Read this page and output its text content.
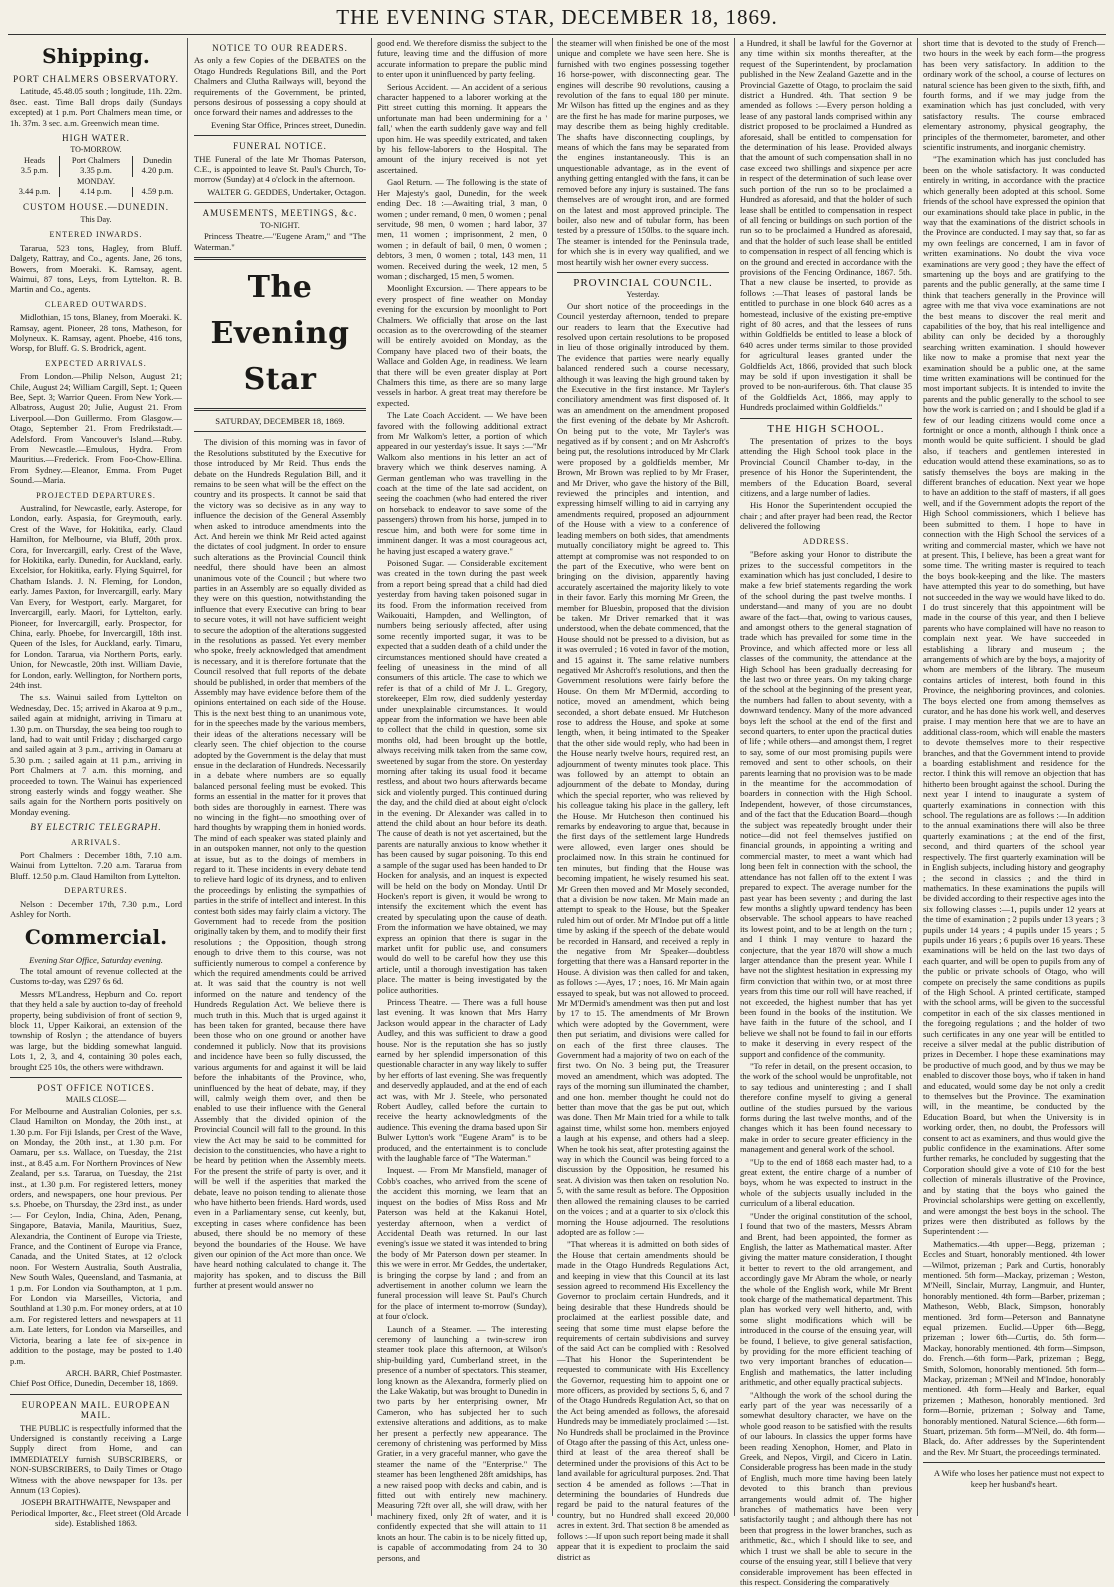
THE EVENING STAR, DECEMBER 18, 1869.
Shipping.
PORT CHALMERS OBSERVATORY.

Latitude, 45.48.05 south ; longitude, 11h. 22m. 8sec. east. Time Ball drops daily (Sundays excepted) at 1 p.m. Port Chalmers mean time, or 1h. 37m. 3 sec. a.m. Greenwich mean time.

HIGH WATER.
TO-MORROW.
Heads	Port Chalmers	Dunedin
3.5 p.m.	3.35 p.m.	4.20 p.m.
MONDAY.		
3.44 p.m.	4.14 p.m.	4.59 p.m.
CUSTOM HOUSE.—DUNEDIN.
This Day.
ENTERED INWARDS.

Tararua, 523 tons, Hagley, from Bluff. Dalgety, Rattray, and Co., agents. Jane, 26 tons, Bowers, from Moeraki. K. Ramsay, agent. Waimui, 87 tons, Leys, from Lyttelton. R. B. Martin and Co., agents.

CLEARED OUTWARDS.

Midlothian, 15 tons, Blaney, from Moeraki. K. Ramsay, agent. Pioneer, 28 tons, Matheson, for Molyneux. K. Ramsay, agent. Phoebe, 416 tons, Worsp, for Bluff. G. S. Brodrick, agent.

EXPECTED ARRIVALS.

From London.—Philip Nelson, August 21; Chile, August 24; William Cargill, Sept. 1; Queen Bee, Sept. 3; Warrior Queen. From New York.—Albatross, August 20; Julie, August 21. From Liverpool.—Don Guillermo. From Glasgow.—Otago, September 21. From Fredrikstadt.—Adelsford. From Vancouver's Island.—Ruby. From Newcastle.—Emulous, Hydra. From Mauritius.—Frederick. From Foo-Chow-Ellina. From Sydney.—Eleanor, Emma. From Puget Sound.—Maria.

PROJECTED DEPARTURES.

Australind, for Newcastle, early. Asterope, for London, early. Aspasia, for Greymouth, early. Crest of the Wave, for Hokitika, early. Claud Hamilton, for Melbourne, via Bluff, 20th prox. Cora, for Invercargill, early. Crest of the Wave, for Hokitika, early. Dunedin, for Auckland, early. Excelsior, for Hokitika, early. Flying Squirrel, for Chatham Islands. J. N. Fleming, for London, early. James Paxton, for Invercargill, early. Mary Van Every, for Westport, early. Margaret, for Invercargill, early. Maori, for Lyttelton, early. Pioneer, for Invercargill, early. Prospector, for China, early. Phoebe, for Invercargill, 18th inst. Queen of the Isles, for Auckland, early. Timaru, for London. Tararua, via Northern Ports, early. Union, for Newcastle, 20th inst. William Davie, for London, early. Wellington, for Northern ports, 24th inst.

The s.s. Wainui sailed from Lyttelton on Wednesday, Dec. 15; arrived in Akaroa at 9 p.m., sailed again at midnight, arriving in Timaru at 1.30 p.m. on Thursday, the sea being too rough to land, had to wait until Friday ; discharged cargo and sailed again at 3 p.m., arriving in Oamaru at 5.30 p.m. ; sailed again at 11 p.m., arriving in Port Chalmers at 7 a.m. this morning, and proceeded to town. The Wainui has experienced strong easterly winds and foggy weather. She sails again for the Northern ports positively on Monday evening.

BY ELECTRIC TELEGRAPH.
ARRIVALS.

Port Chalmers : December 18th, 7.10 a.m. Wainui from Lyttelton. 7.20 a.m. Tararua from Bluff. 12.50 p.m. Claud Hamilton from Lyttelton.

DEPARTURES.

Nelson : December 17th, 7.30 p.m., Lord Ashley for North.

Commercial.
Evening Star Office, Saturday evening.

The total amount of revenue collected at the Customs to-day, was £297 6s 6d.

Messrs M'Landress, Hepburn and Co. report that they held a sale by auction to-day of freehold property, being subdivision of front of section 9, block 11, Upper Kaikorai, an extension of the township of Roslyn ; the attendance of buyers was large, but the bidding somewhat languid. Lots 1, 2, 3, and 4, containing 30 poles each, brought £25 10s, the others were withdrawn.

POST OFFICE NOTICES.
MAILS CLOSE—

For Melbourne and Australian Colonies, per s.s. Claud Hamilton on Monday, the 20th inst., at 1.30 p.m. For Fiji Islands, per Crest of the Wave, on Monday, the 20th inst., at 1.30 p.m. For Oamaru, per s.s. Wallace, on Tuesday, the 21st inst., at 8.45 a.m. For Northern Provinces of New Zealand, per s.s. Tararua, on Tuesday, the 21st inst., at 1.30 p.m. For registered letters, money orders, and newspapers, one hour previous. Per s.s. Phoebe, on Thursday, the 23rd inst., as under :— For Ceylon, India, China, Aden, Penang, Singapore, Batavia, Manila, Mauritius, Suez, Alexandria, the Continent of Europe via Trieste, France, and the Continent of Europe via France, Canada, and the United States, at 12 o'clock noon. For Western Australia, South Australia, New South Wales, Queensland, and Tasmania, at 1 p.m. For London via Southampton, at 1 p.m. For London via Marseilles, Victoria, and Southland at 1.30 p.m. For money orders, at at 10 a.m. For registered letters and newspapers at 11 a.m. Late letters, for London via Marseilles, and Victoria, bearing a late fee of six-pence in addition to the postage, may be posted to 1.40 p.m.

ARCH. BARR, Chief Postmaster.
Chief Post Office, Dunedin, December 18, 1869.
EUROPEAN MAIL. EUROPEAN MAIL.

THE PUBLIC is respectfully informed that the Undersigned is constantly receiving a Large Supply direct from Home, and can IMMEDIATELY furnish SUBSCRIBERS, or NON-SUBSCRIBERS, to Daily Times or Otago Witness with the above newspaper for 13s. per Annum (13 Copies).

JOSEPH BRAITHWAITE, Newspaper and Periodical Importer, &c., Fleet street (Old Arcade side). Established 1863.
NOTICE TO OUR READERS.

As only a few Copies of the DEBATES on the Otago Hundreds Regulations Bill, and the Port Chalmers and Clutha Railways will, beyond the requirements of the Government, be printed, persons desirous of possessing a copy should at once forward their names and addresses to the

Evening Star Office, Princes street, Dunedin.
FUNERAL NOTICE.

THE Funeral of the late Mr Thomas Paterson, C.E., is appointed to leave St. Paul's Church, To-morrow (Sunday) at 4 o'clock in the afternoon.

WALTER G. GEDDES, Undertaker, Octagon.
AMUSEMENTS, MEETINGS, &c.
TO-NIGHT.

Princess Theatre.—"Eugene Aram," and "The Waterman."

The Evening Star
SATURDAY, DECEMBER 18, 1869.

The division of this morning was in favor of the Resolutions substituted by the Executive for those introduced by Mr Reid. Thus ends the debate on the Hundreds Regulation Bill, and it remains to be seen what will be the effect on the country and its prospects. It cannot be said that the victory was so decisive as in any way to influence the decision of the General Assembly when asked to introduce amendments into the Act. And herein we think Mr Reid acted against the dictates of cool judgment. In order to ensure such alterations as the Provincial Council think needful, there should have been an almost unanimous vote of the Council ; but where two parties in an Assembly are so equally divided as they were on this question, notwithstanding the influence that every Executive can bring to bear to secure votes, it will not have sufficient weight to secure the adoption of the alterations suggested in the resolutions as passed. Yet every member who spoke, freely acknowledged that amendment is necessary, and it is therefore fortunate that the Council resolved that full reports of the debate should be published, in order that members of the Assembly may have evidence before them of the opinions entertained on each side of the House. This is the next best thing to an unanimous vote, for in the speeches made by the various members, their ideas of the alterations necessary will be clearly seen. The chief objection to the course adopted by the Government is the delay that must ensue in the declaration of Hundreds. Necessarily in a debate where numbers are so equally balanced personal feeling must be evoked. This forms an essential in the matter for it proves that both sides are thoroughly in earnest. There was no wincing in the fight—no smoothing over of hard thoughts by wrapping them in honied words. The mind of each speaker was stated plainly and in an outspoken manner, not only to the question at issue, but as to the doings of members in regard to it. These incidents in every debate tend to relieve hard logic of its dryness, and to enliven the proceedings by enlisting the sympathies of parties in the strife of intellect and interest. In this contest both sides may fairly claim a victory. The Government had to recede from the position originally taken by them, and to modify their first resolutions ; the Opposition, though strong enough to drive them to this course, was not sufficiently numerous to compel a conference by which the required amendments could be arrived at. It was said that the country is not well informed on the nature and tendency of the Hundreds Regulation Act. We believe there is much truth in this. Much that is urged against it has been taken for granted, because there have been those who on one ground or another have condemned it publicly. Now that its provisions and incidence have been so fully discussed, the various arguments for and against it will be laid before the inhabitants of the Province, who, uninfluenced by the heat of debate, may, if they will, calmly weigh them over, and then be enabled to use their influence with the General Assembly that the divided opinion of the Provincial Council will fall to the ground. In this view the Act may be said to be committed for decision to the constituencies, who have a right to be heard by petition when the Assembly meets. For the present the strife of party is over, and it will be well if the asperities that marked the debate, leave no poison tending to alienate those who have hitherto been friends. Hard words, used even in a Parliamentary sense, cut keenly, but, excepting in cases where confidence has been abused, there should be no memory of these beyond the boundaries of the House. We have given our opinion of the Act more than once. We have heard nothing calculated to change it. The majority has spoken, and to discuss the Bill further at present would answer no

good end. We therefore dismiss the subject to the future, leaving time and the diffusion of more accurate information to prepare the public mind to enter upon it uninfluenced by party feeling.

Serious Accident. — An accident of a serious character happened to a laborer working at the Pitt street cutting this morning. It appears the unfortunate man had been undermining for a ' fall,' when the earth suddenly gave way and fell upon him. He was speedily extricated, and taken by his fellow-laborers to the Hospital. The amount of the injury received is not yet ascertained.

Gaol Return. — The following is the state of Her Majesty's gaol, Dunedin, for the week ending Dec. 18 :—Awaiting trial, 3 man, 0 women ; under remand, 0 men, 0 women ; penal servitude, 98 men, 0 women ; hard labor, 37 men, 11 women ; imprisonment, 2 men, 0 women ; in default of bail, 0 men, 0 women ; debtors, 3 men, 0 women ; total, 143 men, 11 women. Received during the week, 12 men, 5 woman ; discharged, 15 men, 5 women.

Moonlight Excursion. — There appears to be every prospect of fine weather on Monday evening for the excursion by moonlight to Port Chalmers. We officially that arose on the last occasion as to the overcrowding of the steamer will be entirely avoided on Monday, as the Company have placed two of their boats, the Wallace and Golden Age, in readiness. We learn that there will be even greater display at Port Chalmers this time, as there are so many large vessels in harbor. A great treat may therefore be expected.

The Late Coach Accident. — We have been favored with the following additional extract from Mr Walkom's letter, a portion of which appeared in our yesterday's issue. It says :—"Mr Walkom also mentions in his letter an act of bravery which we think deserves naming. A German gentleman who was travelling in the coach at the time of the late sad accident, on seeing the coachmen (who had entered the river on horseback to endeavor to save some of the passengers) thrown from his horse, jumped in to rescue him, and both were for some time in imminent danger. It was a most courageous act, he having just escaped a watery grave."

Poisoned Sugar. — Considerable excitement was created in the town during the past week from a report being spread that a child had died yesterday from having taken poisoned sugar in its food. From the information received from Waikouaiti, Hampden, and Wellington, of numbers being seriously affected, after using some recently imported sugar, it was to be expected that a sudden death of a child under the circumstances mentioned should have created a feeling of uneasiness in the mind of all consumers of this article. The case to which we refer is that of a child of Mr J. L. Gregory, storekeeper, Elm row, died suddenly yesterday under unexplainable circumstances. It would appear from the information we have been able to collect that the child in question, some six months old, had been brought up the bottle, always receiving milk taken from the same cow, sweetened by sugar from the store. On yesterday morning after taking its usual food it became restless, and about two hours afterwards became sick and violently purged. This continued during the day, and the child died at about eight o'clock in the evening. Dr Alexander was called in to attend the child about an hour before its death. The cause of death is not yet ascertained, but the parents are naturally anxious to know whether it has been caused by sugar poisoning. To this end a sample of the sugar used has been handed to Dr Hocken for analysis, and an inquest is expected will be held on the body on Monday. Until Dr Hocken's report is given, it would be wrong to intensify the excitement which the event has created by speculating upon the cause of death. From the information we have obtained, we may express an opinion that there is sugar in the market unfit for public use, and consumers would do well to be careful how they use this article, until a thorough investigation has taken place. The matter is being investigated by the police authorities.

Princess Theatre. — There was a full house last evening. It was known that Mrs Harry Jackson would appear in the character of Lady Audley, and this was sufficient to draw a good house. Nor is the reputation she has so justly earned by her splendid impersonation of this questionable character in any way likely to suffer by her efforts of last evening. She was frequently and deservedly applauded, and at the end of each act was, with Mr J. Steele, who personated Robert Audley, called before the curtain to receive the hearty acknowledgments of the audience. This evening the drama based upon Sir Bulwer Lytton's work "Eugene Aram" is to be produced, and the entertainment is to conclude with the laughable farce of "The Waterman."

Inquest. — From Mr Mansfield, manager of Cobb's coaches, who arrived from the scene of the accident this morning, we learn that an inquest on the bodies of Miss Ross and Mr Paterson was held at the Kakanui Hotel, yesterday afternoon, when a verdict of Accidental Death was returned. In our last evening's issue we stated it was intended to bring the body of Mr Paterson down per steamer. In this we were in error. Mr Geddes, the undertaker, is bringing the corpse by land ; and from an advertisement in another column we learn the funeral procession will leave St. Paul's Church for the place of interment to-morrow (Sunday), at four o'clock.

Launch of a Steamer. — The interesting ceremony of launching a twin-screw iron steamer took place this afternoon, at Wilson's ship-building yard, Cumberland street, in the presence of a number of spectators. This steamer, long known as the Alexandra, formerly plied on the Lake Wakatip, but was brought to Dunedin in two parts by her enterprising owner, Mr Cameron, who has subjected her to such extensive alterations and additions, as to make her present a perfectly new appearance. The ceremony of christening was performed by Miss Gratier, in a very graceful manner, who gave the steamer the name of the "Enterprise." The steamer has been lengthened 28ft amidships, has a new raised poop with decks and cabin, and is fitted out with entirely new machinery. Measuring 72ft over all, she will draw, with her machinery fixed, only 2ft of water, and it is confidently expected that she will attain to 11 knots an hour. The cabin is to be nicely fitted up, is capable of accommodating from 24 to 30 persons, and

the steamer will when finished be one of the most unique and complete we have seen here. She is furnished with two engines possessing together 16 horse-power, with disconnecting gear. The engines will describe 90 revolutions, causing a revolution of the fans to equal 180 per minute. Mr Wilson has fitted up the engines and as they are the first he has made for marine purposes, we may describe them as being highly creditable. The shafts have disconnecting couplings, by means of which the fans may be separated from the engines instantaneously. This is an unquestionable advantage, as in the event of anything getting entangled with the fans, it can be removed before any injury is sustained. The fans themselves are of wrought iron, and are formed on the latest and most approved principle. The boiler, also new and of tubular form, has been tested by a pressure of 150lbs. to the square inch. The steamer is intended for the Peninsula trade, for which she is in every way qualified, and we most heartily wish her owner every success.

PROVINCIAL COUNCIL.
Yesterday.

Our short notice of the proceedings in the Council yesterday afternoon, tended to prepare our readers to learn that the Executive had resolved upon certain resolutions to be proposed in lieu of those originally introduced by them. The evidence that parties were nearly equally balanced rendered such a course necessary, although it was leaving the high ground taken by the Executive in the first instance. Mr Tayler's conciliatory amendment was first disposed of. It was an amendment on the amendment proposed the first evening of the debate by Mr Ashcroft. On being put to the vote, Mr Tayler's was negatived as if by consent ; and on Mr Ashcroft's being put, the resolutions introduced by Mr Clark were proposed by a goldfields member, Mr Brown, Mr Brown was replied to by Mr Fraser, and Mr Driver, who gave the history of the Bill, reviewed the principles and intention, and expressing himself willing to aid in carrying any amendments required, proposed an adjournment of the House with a view to a conference of leading members on both sides, that amendments mutually conciliatory might be agreed to. This attempt at compromise was not responded to on the part of the Executive, who were bent on bringing on the division, apparently having accurately ascertained the majority likely to vote in their favor. Early this morning Mr Green, the member for Bluesbin, proposed that the division be taken. Mr Driver remarked that it was understood, when the debate commenced, that the House should not be pressed to a division, but as it was overruled ; 16 voted in favor of the motion, and 15 against it. The same relative numbers negatived Mr Ashcroft's resolutions, and then the Government resolutions were fairly before the House. On them Mr M'Dermid, according to notice, moved an amendment, which being seconded, a short debate ensued. Mr Hutcheson rose to address the House, and spoke at some length, when, it being intimated to the Speaker that the other side would reply, who had been in the House nearly twelve hours, required rest, an adjournment of twenty minutes took place. This was followed by an attempt to obtain an adjournment of the debate to Monday, during which the special reporter, who was relieved by his colleague taking his place in the gallery, left the House. Mr Hutcheson then continued his remarks by endeavoring to argue that, because in the first days of the settlement large Hundreds were allowed, even larger ones should be proclaimed now. In this strain he continued for ten minutes, but finding that the House was becoming impatient, he wisely resumed his seat. Mr Green then moved and Mr Mosely seconded, that a division be now taken. Mr Main made an attempt to speak to the House, but the Speaker ruled him out of order. Mr M'Indoe put off a little time by asking if the speech of the debate would be recorded in Hansard, and received a reply in the negative from Mr Speaker—doubtless forgetting that there was a Hansard reporter in the House. A division was then called for and taken, as follows :—Ayes, 17 ; noes, 16. Mr Main again essayed to speak, but was not allowed to proceed. Mr M'Dermid's amendment was then put and lost by 17 to 15. The amendments of Mr Brown which were adopted by the Government, were then put seriatim, and divisions were called for on each of the first three clauses. The Government had a majority of two on each of the first two. On No. 3 being put, the Treasurer moved an amendment, which was adopted. The rays of the morning sun illuminated the chamber, and one hon. member thought he could not do better than move that the gas be put out, which was done. Then Mr Main tried for a while to talk against time, whilst some hon. members enjoyed a laugh at his expense, and others had a sleep. When he took his seat, after protesting against the way in which the Council was being forced to a discussion by the Opposition, he resumed his seat. A division was then taken on resolution No. 5, with the same result as before. The Opposition then allowed the remaining clauses to be carried on the voices ; and at a quarter to six o'clock this morning the House adjourned. The resolutions adopted are as follow :—

"That whereas it is admitted on both sides of the House that certain amendments should be made in the Otago Hundreds Regulations Act, and keeping in view that this Council at its last session agreed to recommend His Excellency the Governor to proclaim certain Hundreds, and it being desirable that these Hundreds should be proclaimed at the earliest possible date, and seeing that some time must elapse before the requirements of certain subdivisions and survey of the said Act can be complied with : Resolved—That his Honor the Superintendent be requested to communicate with His Excellency the Governor, requesting him to appoint one or more officers, as provided by sections 5, 6, and 7 of the Otago Hundreds Regulation Act, so that on the Act being amended as follows, the aforesaid Hundreds may be immediately proclaimed :—1st. No Hundreds shall be proclaimed in the Province of Otago after the passing of this Act, unless one-third at least of the area thereof shall be determined under the provisions of this Act to be land available for agricultural purposes. 2nd. That section 4 be amended as follows :—That in determining the boundaries of Hundreds due regard be paid to the natural features of the country, but no Hundred shall exceed 20,000 acres in extent. 3rd. That section 8 be amended as follows :—If upon such report being made it shall appear that it is expedient to proclaim the said district as

a Hundred, it shall be lawful for the Governor at any time within six months thereafter, at the request of the Superintendent, by proclamation published in the New Zealand Gazette and in the Provincial Gazette of Otago, to proclaim the said district a Hundred. 4th. That section 9 be amended as follows :—Every person holding a lease of any pastoral lands comprised within any district proposed to be proclaimed a Hundred as aforesaid, shall be entitled to compensation for the determination of his lease. Provided always that the amount of such compensation shall in no case exceed two shillings and sixpence per acre in respect of the determination of such lease over such portion of the run so to be proclaimed a Hundred as aforesaid, and that the holder of such lease shall be entitled to compensation in respect of all fencing or buildings on such portion of the run so to be proclaimed a Hundred as aforesaid, and that the holder of such lease shall be entitled to compensation in respect of all fencing which is on the ground and erected in accordance with the provisions of the Fencing Ordinance, 1867. 5th. That a new clause be inserted, to provide as follows :—That leases of pastoral lands be entitled to purchase in one block 640 acres as a homestead, inclusive of the existing pre-emptive right of 80 acres, and that the lessees of runs within Goldfields be entitled to lease a block of 640 acres under terms similar to those provided for agricultural leases granted under the Goldfields Act, 1866, provided that such block may be sold if upon investigation it shall be proved to be non-auriferous. 6th. That clause 35 of the Goldfields Act, 1866, may apply to Hundreds proclaimed within Goldfields."

THE HIGH SCHOOL.

The presentation of prizes to the boys attending the High School took place in the Provincial Council Chamber to-day, in the presence of his Honor the Superintendent, the members of the Education Board, several citizens, and a large number of ladies.

His Honor the Superintendent occupied the chair ; and after prayer had been read, the Rector delivered the following

ADDRESS.

"Before asking your Honor to distribute the prizes to the successful competitors in the examination which has just concluded, I desire to make a few brief statements regarding the work of the school during the past twelve months. I understand—and many of you are no doubt aware of the fact—that, owing to various causes, and amongst others to the general stagnation of trade which has prevailed for some time in the Province, and which affected more or less all classes of the community, the attendance at the High School has been gradually decreasing for the last two or three years. On my taking charge of the school at the beginning of the present year, the numbers had fallen to about seventy, with a downward tendency. Many of the more advanced boys left the school at the end of the first and second quarters, to enter upon the practical duties of life ; while others—and amongst them, I regret to say, some of our most promising pupils were removed and sent to other schools, on their parents learning that no provision was to be made in the meantime for the accommodation of boarders in connection with the High School. Independent, however, of those circumstances, and of the fact that the Education Board—though the subject was repeatedly brought under their notice—did not feel themselves justified on financial grounds, in appointing a writing and commercial master, to meet a want which had long been felt in connection with the school, the attendance has not fallen off to the extent I was prepared to expect. The average number for the past year has been seventy ; and during the last few months a slightly upward tendency has been observable. The school appears to have reached its lowest point, and to be at length on the turn ; and I think I may venture to hazard the conjecture, that the year 1870 will show a much larger attendance than the present year. While I have not the slightest hesitation in expressing my firm conviction that within two, or at most three years from this time our roll will have reached, if not exceeded, the highest number that has yet been found in the books of the institution. We have faith in the future of the school, and I believe we shall not be found to fail in our efforts to make it deserving in every respect of the support and confidence of the community.

"To refer in detail, on the present occasion, to the work of the school would be unprofitable, not to say tedious and uninteresting ; and I shall therefore confine myself to giving a general outline of the studies pursued by the various forms during the last twelve months, and of the changes which it has been found necessary to make in order to secure greater efficiency in the management and general work of the school.

"Up to the end of 1868 each master had, to a great extent, the entire charge of a number of boys, whom he was expected to instruct in the whole of the subjects usually included in the curriculum of a liberal education.

"Under the original constitution of the school, I found that two of the masters, Messrs Abram and Brent, had been appointed, the former as English, the latter as Mathematical master. After giving the matter mature consideration, I thought it better to revert to the old arrangement, and accordingly gave Mr Abram the whole, or nearly the whole of the English work, while Mr Brent took charge of the mathematical department. This plan has worked very well hitherto, and, with some slight modifications which will be introduced in the course of the ensuing year, will be found, I believe, to give general satisfaction, by providing for the more efficient teaching of two very important branches of education—English and mathematics, the latter including arithmetic, and other equally practical subjects.

"Although the work of the school during the early part of the year was necessarily of a somewhat desultory character, we have on the whole good reason to be satisfied with the results of our labours. In classics the upper forms have been reading Xenophon, Homer, and Plato in Greek, and Nepos, Virgil, and Cicero in Latin. Considerable progress has been made in the study of English, much more time having been lately devoted to this branch than previous arrangements would admit of. The higher branches of mathematics have been very satisfactorily taught ; and although there has not been that progress in the lower branches, such as arithmetic, &c., which I should like to see, and which I trust we shall be able to secure in the course of the ensuing year, still I believe that very considerable improvement has been effected in this respect. Considering the comparatively

short time that is devoted to the study of French—two hours in the week by each form—the progress has been very satisfactory. In addition to the ordinary work of the school, a course of lectures on natural science has been given to the sixth, fifth, and fourth forms, and if we may judge from the examination which has just concluded, with very satisfactory results. The course embraced elementary astronomy, physical geography, the principles of the thermometer, barometer, and other scientific instruments, and inorganic chemistry.

"The examination which has just concluded has been on the whole satisfactory. It was conducted entirely in writing, in accordance with the practice which generally been adopted at this school. Some friends of the school have expressed the opinion that our examinations should take place in public, in the way that the examinations of the district schools in the Province are conducted. I may say that, so far as my own feelings are concerned, I am in favor of written examinations. No doubt the viva voce examinations are very good ; they have the effect of smartening up the boys and are gratifying to the parents and the public generally, at the same time I think that teachers generally in the Province will agree with me that viva voce examinations are not the best means to discover the real merit and capabilities of the boy, that his real intelligence and ability can only be decided by a thoroughly searching written examination. I should however like now to make a promise that next year the examination should be a public one, at the same time written examinations will be continued for the most important subjects. It is intended to invite the parents and the public generally to the school to see how the work is carried on ; and I should be glad if a few of our leading citizens would come once a fortnight or once a month, although I think once a month would be quite sufficient. I should be glad also, if teachers and gentlemen interested in education would attend these examinations, so as to satisfy themselves the boys are making in the different branches of education. Next year we hope to have an addition to the staff of masters, if all goes well, and if the Government adopts the report of the High School commissioners, which I believe has been submitted to them. I hope to have in connection with the High School the services of a writing and commercial master, which we have not at present. This, I believe, has been a great want for some time. The writing master is required to teach the boys book-keeping and the like. The masters have attempted this year to do something, but have not succeeded in the way we would have liked to do. I do trust sincerely that this appointment will be made in the course of this year, and then I believe parents who have complained will have no reason to complain next year. We have succeeded in establishing a library and museum ; the arrangements of which are by the boys, a majority of whom are members of the library. The museum contains articles of interest, both found in this Province, the neighboring provinces, and colonies. The boys elected one from among themselves as curator, and he has done his work well, and deserves praise. I may mention here that we are to have an additional class-room, which will enable the masters to devote themselves more to their respective branches, and that the Government intend to provide a boarding establishment and residence for the rector. I think this will remove an objection that has hitherto been brought against the school. During the next year I intend to inaugurate a system of quarterly examinations in connection with this school. The regulations are as follows :—In addition to the annual examinations there will also be three quarterly examinations ; at the end of the first, second, and third quarters of the school year respectively. The first quarterly examination will be in English subjects, including history and geography ; the second in classics ; and the third in mathematics. In these examinations the pupils will be divided according to their respective ages into the six following classes :—1, pupils under 12 years at the time of examination ; 2 pupils under 13 years ; 3 pupils under 14 years ; 4 pupils under 15 years ; 5 pupils under 16 years ; 6 pupils over 16 years. These examinations will be held on the last two days of each quarter, and will be open to pupils from any of the public or private schools of Otago, who will compete on precisely the same conditions as pupils of the High School. A printed certificate, stamped with the school arms, will be given to the successful competitor in each of the six classes mentioned in the foregoing regulations ; and the holder of two such certificates in any one year will be entitled to receive a silver medal at the public distribution of prizes in December. I hope these examinations may be productive of much good, and by thus we may be enabled to discover those boys, who if taken in hand and educated, would some day be not only a credit to themselves but the Province. The examination will, in the meantime, be conducted by the Education Board, but when the University is in working order, then, no doubt, the Professors will consent to act as examiners, and thus would give the public confidence in the examinations. After some further remarks, he concluded by suggesting that the Corporation should give a vote of £10 for the best collection of minerals illustrative of the Province, and by stating that the boys who gained the Provincial scholarships were getting on excellently, and were amongst the best boys in the school. The prizes were then distributed as follows by the Superintendent :—

Mathematics.—4th upper—Begg, prizeman ; Eccles and Stuart, honorably mentioned. 4th lower—Wilmot, prizeman ; Park and Curtis, honorably mentioned. 5th form—Mackay, prizeman ; Weston, M'Neill, Sinclair, Murray, Langmuir, and Hunter, honorably mentioned. 4th form—Barber, prizeman ; Matheson, Webb, Black, Simpson, honorably mentioned. 3rd form—Peterson and Bannatyne equal prizemen. Euclid.—Upper 6th—Begg, prizeman ; lower 6th—Curtis, do. 5th form—Mackay, honorably mentioned. 4th form—Simpson, do. French.—6th form—Park, prizeman ; Begg, Smith, Solomon, honorably mentioned. 5th form—Mackay, prizeman ; M'Neil and M'Indoe, honorably mentioned. 4th form—Healy and Barker, equal prizemen ; Matheson, honorably mentioned. 3rd form—Bornie, prizeman ; Solway and Tame, honorably mentioned. Natural Science.—6th form—Stuart, prizeman. 5th form—M'Neil, do. 4th form—Black, do. After addresses by the Superintendent and the Rev. Mr Stuart, the proceedings terminated.

A Wife who loses her patience must not expect to keep her husband's heart.
